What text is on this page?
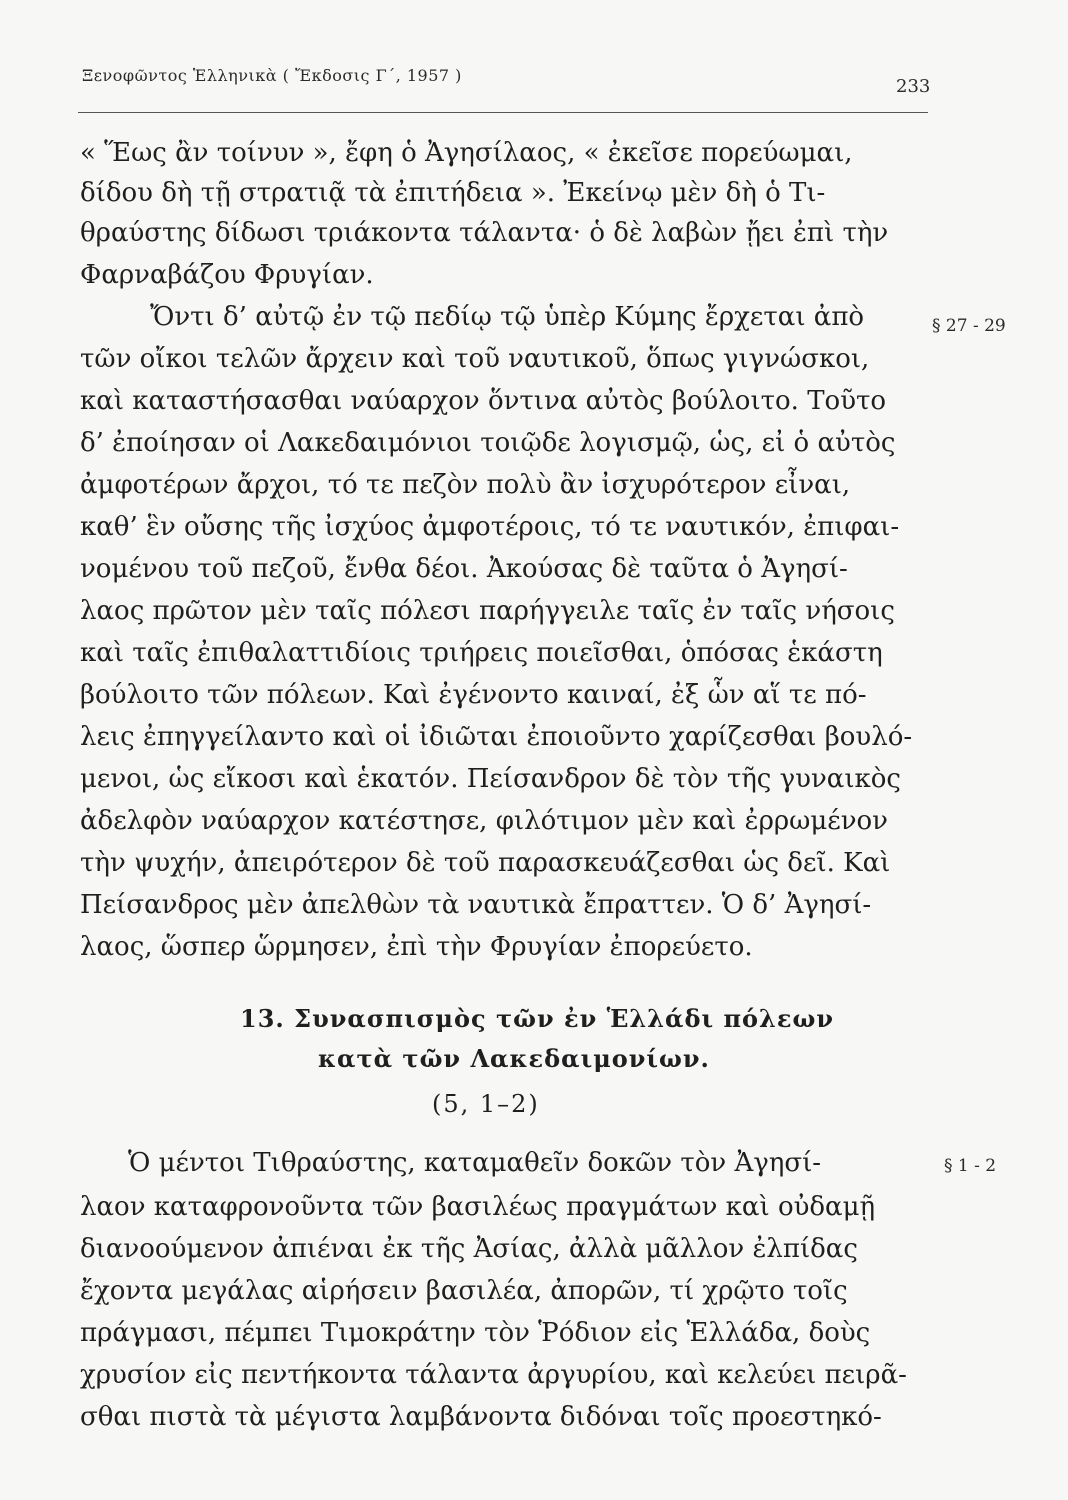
Ξενοφῶντος Ἑλληνικὰ ( Ἔκδοσις Γ΄, 1957 )
233
« Ἕως ἂν τοίνυν », ἔφη ὁ Ἀγησίλαος, « ἐκεῖσε πορεύωμαι,
δίδου δὴ τῇ στρατιᾷ τὰ ἐπιτήδεια ». Ἐκείνῳ μὲν δὴ ὁ Τι-
θραύστης δίδωσι τριάκοντα τάλαντα· ὁ δὲ λαβὼν ᾔει ἐπὶ τὴν
Φαρναβάζου Φρυγίαν.
Ὄντι δ’ αὐτῷ ἐν τῷ πεδίῳ τῷ ὑπὲρ Κύμης ἔρχεται ἀπὸ	§ 27 - 29
τῶν οἴκοι τελῶν ἄρχειν καὶ τοῦ ναυτικοῦ, ὅπως γιγνώσκοι,
καὶ καταστήσασθαι ναύαρχον ὅντινα αὐτὸς βούλοιτο. Τοῦτο
δ’ ἐποίησαν οἱ Λακεδαιμόνιοι τοιῷδε λογισμῷ, ὡς, εἰ ὁ αὐτὸς
ἀμφοτέρων ἄρχοι, τό τε πεζὸν πολὺ ἂν ἰσχυρότερον εἶναι,
καθ’ ἓν οὔσης τῆς ἰσχύος ἀμφοτέροις, τό τε ναυτικόν, ἐπιφαι-
νομένου τοῦ πεζοῦ, ἔνθα δέοι. Ἀκούσας δὲ ταῦτα ὁ Ἀγησί-
λαος πρῶτον μὲν ταῖς πόλεσι παρήγγειλε ταῖς ἐν ταῖς νήσοις
καὶ ταῖς ἐπιθαλαττιδίοις τριήρεις ποιεῖσθαι, ὁπόσας ἑκάστη
βούλοιτο τῶν πόλεων. Καὶ ἐγένοντο καιναί, ἐξ ὧν αἵ τε πό-
λεις ἐπηγγείλαντο καὶ οἱ ἰδιῶται ἐποιοῦντο χαρίζεσθαι βουλό-
μενοι, ὡς εἴκοσι καὶ ἑκατόν. Πείσανδρον δὲ τὸν τῆς γυναικὸς
ἀδελφὸν ναύαρχον κατέστησε, φιλότιμον μὲν καὶ ἐρρωμένον
τὴν ψυχήν, ἀπειρότερον δὲ τοῦ παρασκευάζεσθαι ὡς δεῖ. Καὶ
Πείσανδρος μὲν ἀπελθὼν τὰ ναυτικὰ ἔπραττεν. Ὁ δ’ Ἀγησί-
λαος, ὥσπερ ὥρμησεν, ἐπὶ τὴν Φρυγίαν ἐπορεύετο.
13. Συνασπισμὸς τῶν ἐν Ἑλλάδι πόλεων
κατὰ τῶν Λακεδαιμονίων.
(5, 1–2)
Ὁ μέντοι Τιθραύστης, καταμαθεῖν δοκῶν τὸν Ἀγησί-	§ 1 - 2
λαον καταφρονοῦντα τῶν βασιλέως πραγμάτων καὶ οὐδαμῇ
διανοούμενον ἀπιέναι ἐκ τῆς Ἀσίας, ἀλλὰ μᾶλλον ἐλπίδας
ἔχοντα μεγάλας αἱρήσειν βασιλέα, ἀπορῶν, τί χρῷτο τοῖς
πράγμασι, πέμπει Τιμοκράτην τὸν Ῥόδιον εἰς Ἑλλάδα, δοὺς
χρυσίον εἰς πεντήκοντα τάλαντα ἀργυρίου, καὶ κελεύει πειρᾶ-
σθαι πιστὰ τὰ μέγιστα λαμβάνοντα διδόναι τοῖς προεστηκό-
